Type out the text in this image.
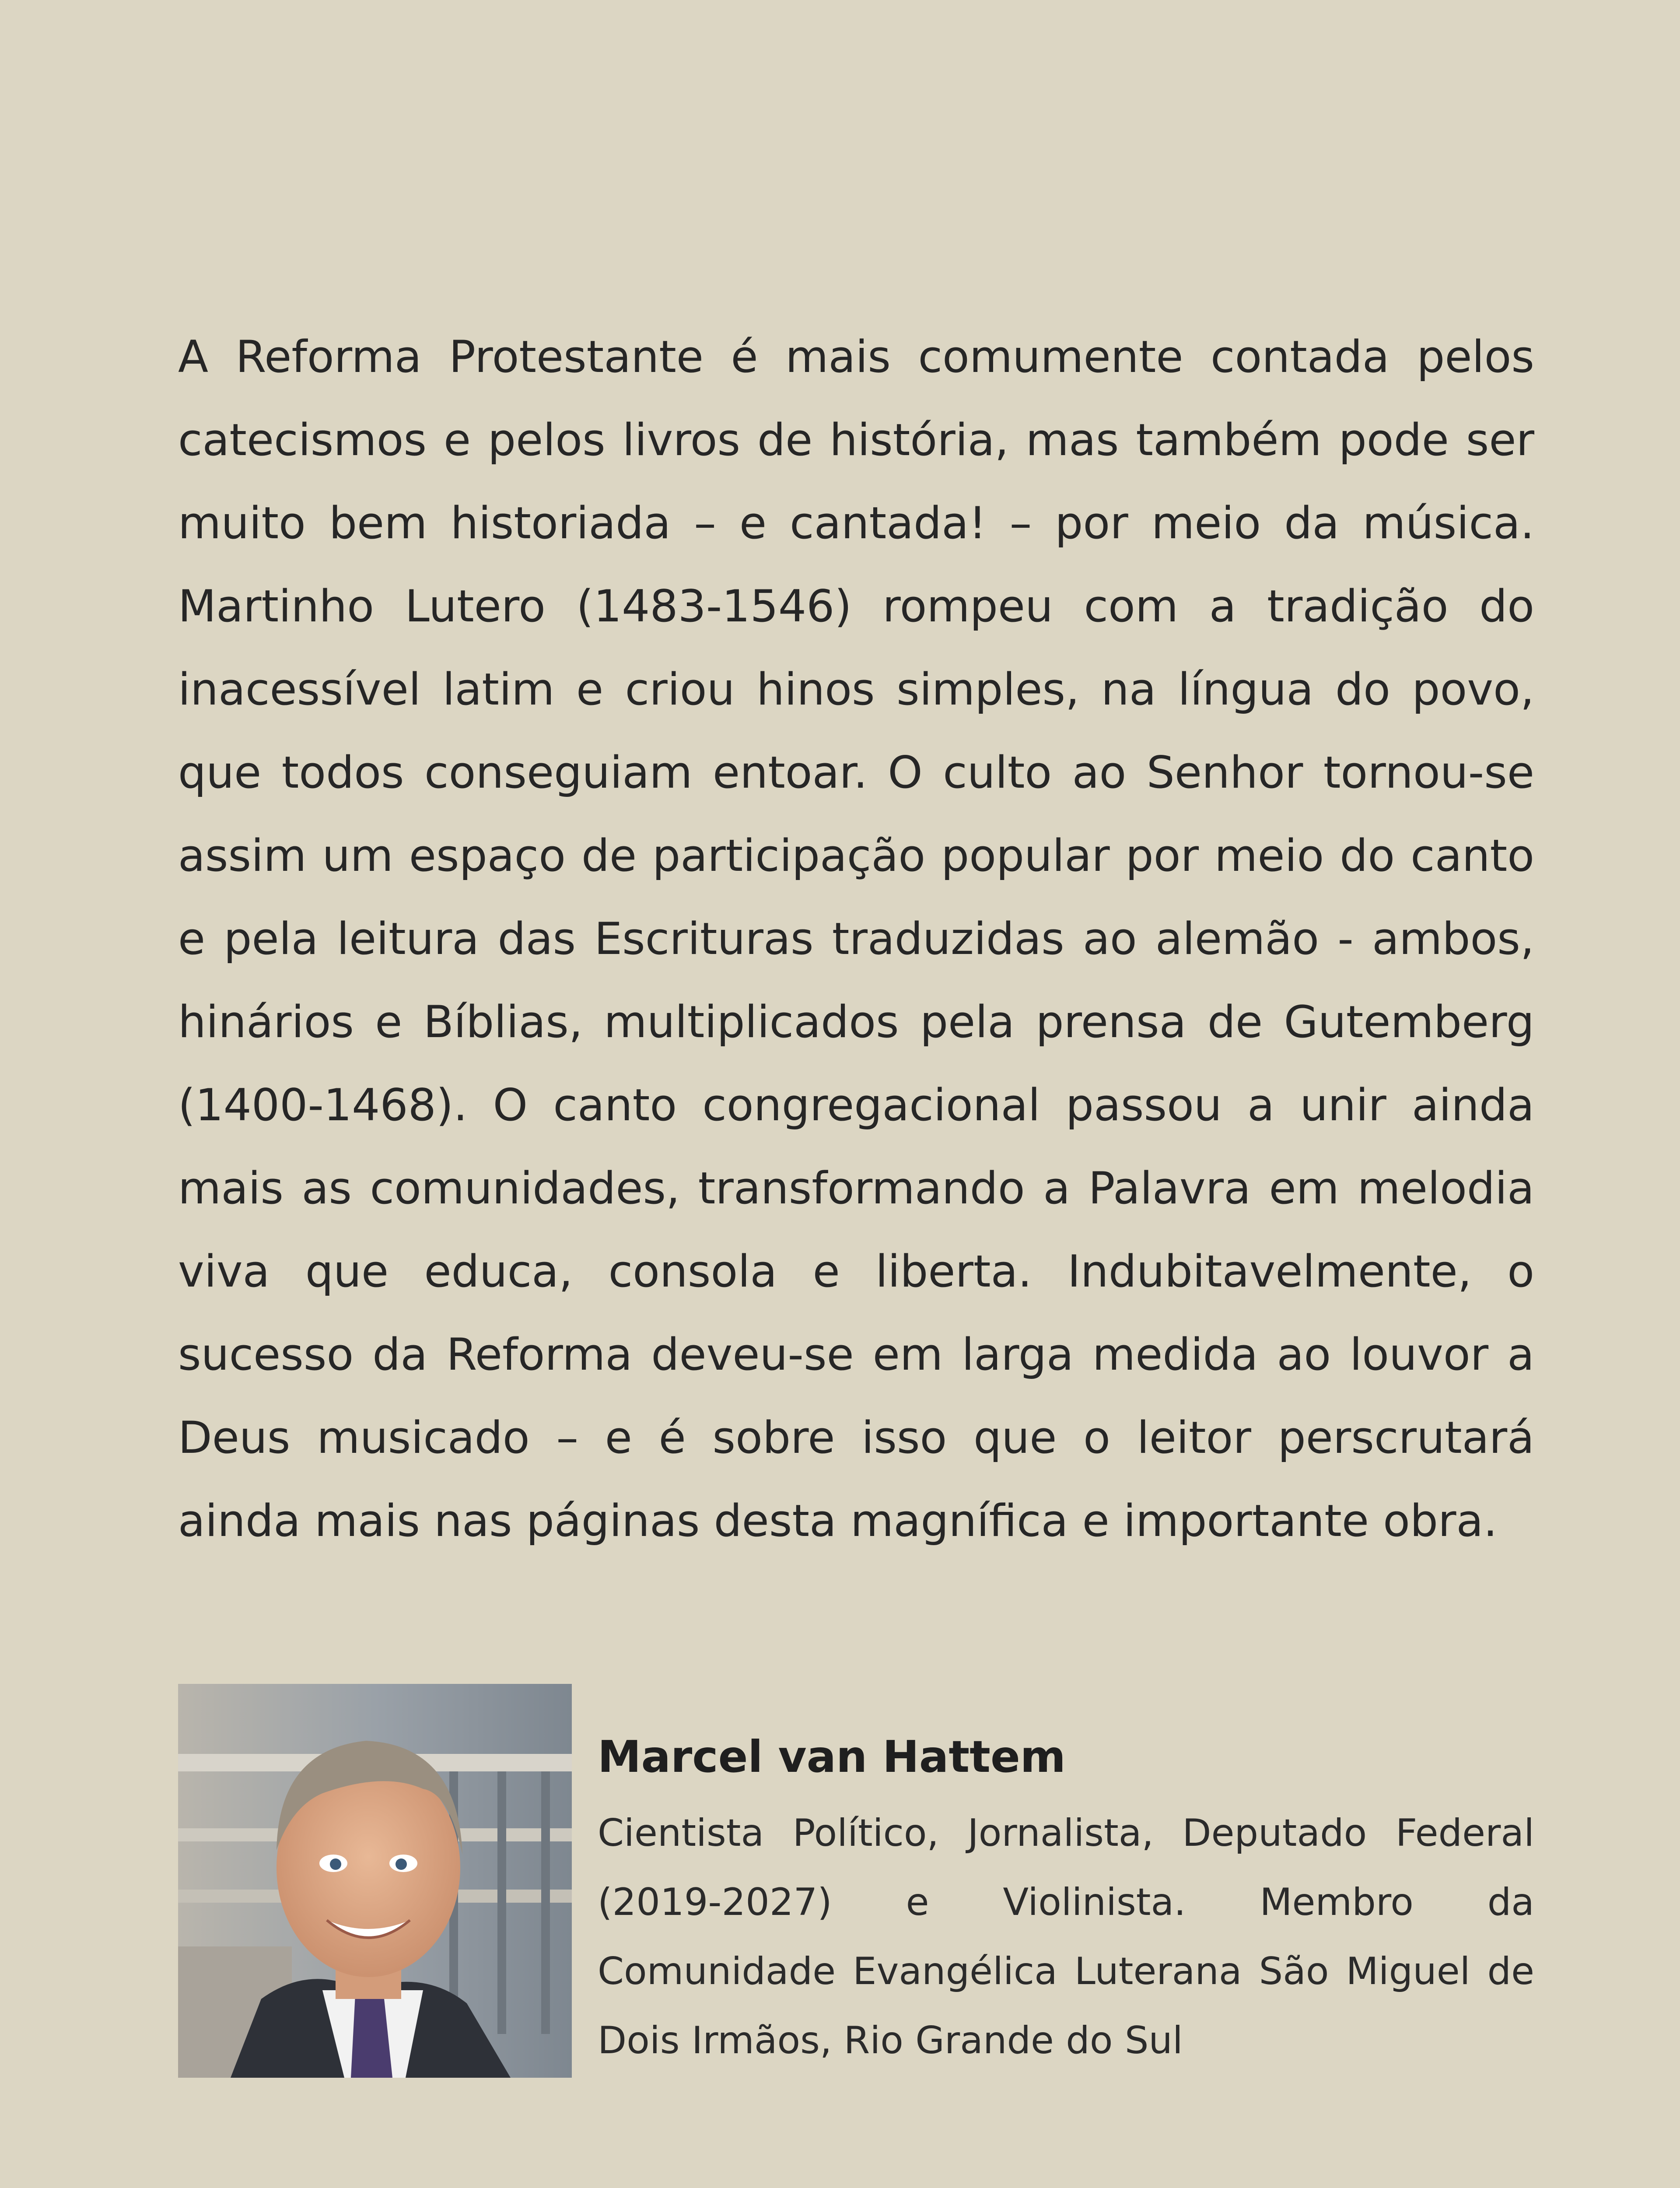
A Reforma Protestante é mais comumente contada pelos catecismos e pelos livros de história, mas também pode ser muito bem historiada – e cantada! – por meio da música. Martinho Lutero (1483-1546) rompeu com a tradição do inacessível latim e criou hinos simples, na língua do povo, que todos conseguiam entoar. O culto ao Senhor tornou-se assim um espaço de participação popular por meio do canto e pela leitura das Escrituras traduzidas ao alemão - ambos, hinários e Bíblias, multiplicados pela prensa de Gutemberg (1400-1468). O canto congregacional passou a unir ainda mais as comunidades, transformando a Palavra em melodia viva que educa, consola e liberta. Indubitavelmente, o sucesso da Reforma deveu-se em larga medida ao louvor a Deus musicado – e é sobre isso que o leitor perscrutará ainda mais nas páginas desta magnífica e importante obra.

Marcel van Hattem

Cientista Político, Jornalista, Deputado Federal (2019-2027) e Violinista. Membro da Comunidade Evangélica Luterana São Miguel de Dois Irmãos, Rio Grande do Sul
